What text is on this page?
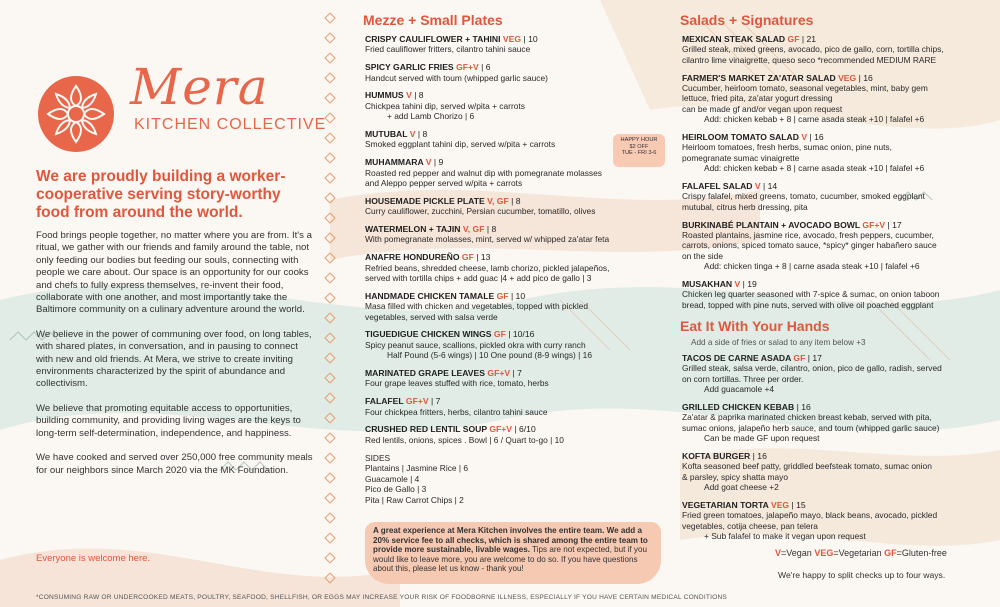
Mera
KITCHEN COLLECTIVE
We are proudly building a worker-cooperative serving story-worthy food from around the world.

Food brings people together, no matter where you are from. It's a ritual, we gather with our friends and family around the table, not only feeding our bodies but feeding our souls, connecting with people we care about. Our space is an opportunity for our cooks and chefs to fully express themselves, re-invent their food, collaborate with one another, and most importantly take the Baltimore community on a culinary adventure around the world.

We believe in the power of communing over food, on long tables, with shared plates, in conversation, and in pausing to connect with new and old friends. At Mera, we strive to create inviting environments characterized by the spirit of abundance and collectivism.

We believe that promoting equitable access to opportunities, building community, and providing living wages are the keys to long-term self-determination, independence, and happiness.

We have cooked and served over 250,000 free community meals for our neighbors since March 2020 via the MK Foundation.

Everyone is welcome here.
*CONSUMING RAW OR UNDERCOOKED MEATS, POULTRY, SEAFOOD, SHELLFISH, OR EGGS MAY INCREASE YOUR RISK OF FOODBORNE ILLNESS, ESPECIALLY IF YOU HAVE CERTAIN MEDICAL CONDITIONS
Mezze + Small Plates
CRISPY CAULIFLOWER + TAHINI VEG | 10
Fried cauliflower fritters, cilantro tahini sauce
SPICY GARLIC FRIES GF+V | 6
Handcut served with toum (whipped garlic sauce)
HUMMUS V | 8
Chickpea tahini dip, served w/pita + carrots
+ add Lamb Chorizo | 6
MUTUBAL V | 8
Smoked eggplant tahini dip, served w/pita + carrots
MUHAMMARA V | 9
Roasted red pepper and walnut dip with pomegranate molasses
and Aleppo pepper served w/pita + carrots
HOUSEMADE PICKLE PLATE V, GF | 8
Curry cauliflower, zucchini, Persian cucumber, tomatillo, olives
WATERMELON + TAJIN V, GF | 8
With pomegranate molasses, mint, served w/ whipped za'atar feta
ANAFRE HONDUREÑO GF | 13
Refried beans, shredded cheese, lamb chorizo, pickled jalapeños,
served with tortilla chips + add guac |4 + add pico de gallo | 3
HANDMADE CHICKEN TAMALE GF | 10
Masa filled with chicken and vegetables, topped with pickled
vegetables, served with salsa verde
TIGUEDIGUE CHICKEN WINGS GF | 10/16
Spicy peanut sauce, scallions, pickled okra with curry ranch
Half Pound (5-6 wings) | 10 One pound (8-9 wings) | 16
MARINATED GRAPE LEAVES GF+V | 7
Four grape leaves stuffed with rice, tomato, herbs
FALAFEL GF+V | 7
Four chickpea fritters, herbs, cilantro tahini sauce
CRUSHED RED LENTIL SOUP GF+V | 6/10
Red lentils, onions, spices . Bowl | 6 / Quart to-go | 10
SIDES
Plantains | Jasmine Rice | 6
Guacamole | 4
Pico de Gallo | 3
Pita | Raw Carrot Chips | 2
HAPPY HOUR
$2 OFF
TUE - FRI 3-6
A great experience at Mera Kitchen involves the entire team. We add a 20% service fee to all checks, which is shared among the entire team to provide more sustainable, livable wages. Tips are not expected, but if you would like to leave more, you are welcome to do so. If you have questions about this, please let us know - thank you!
Salads + Signatures
MEXICAN STEAK SALAD GF | 21
Grilled steak, mixed greens, avocado, pico de gallo, corn, tortilla chips,
cilantro lime vinaigrette, queso seco *recommended MEDIUM RARE
FARMER'S MARKET ZA'ATAR SALAD VEG | 16
Cucumber, heirloom tomato, seasonal vegetables, mint, baby gem
lettuce, fried pita, za'atar yogurt dressing
can be made gf and/or vegan upon request
Add: chicken kebab + 8 | carne asada steak +10 | falafel +6
HEIRLOOM TOMATO SALAD V | 16
Heirloom tomatoes, fresh herbs, sumac onion, pine nuts,
pomegranate sumac vinaigrette
Add: chicken kebab + 8 | carne asada steak +10 | falafel +6
FALAFEL SALAD V | 14
Crispy falafel, mixed greens, tomato, cucumber, smoked eggplant
mutubal, citrus herb dressing, pita
BURKINABÉ PLANTAIN + AVOCADO BOWL GF+V | 17
Roasted plantains, jasmine rice, avocado, fresh peppers, cucumber,
carrots, onions, spiced tomato sauce, *spicy* ginger habañero sauce
on the side
Add: chicken tinga + 8 | carne asada steak +10 | falafel +6
MUSAKHAN V | 19
Chicken leg quarter seasoned with 7-spice & sumac, on onion taboon
bread, topped with pine nuts, served with olive oil poached eggplant
Eat It With Your Hands
Add a side of fries or salad to any item below +3
TACOS DE CARNE ASADA GF | 17
Grilled steak, salsa verde, cilantro, onion, pico de gallo, radish, served
on corn tortillas. Three per order.
Add guacamole +4
GRILLED CHICKEN KEBAB | 16
Za'atar & paprika marinated chicken breast kebab, served with pita,
sumac onions, jalapeño herb sauce, and toum (whipped garlic sauce)
Can be made GF upon request
KOFTA BURGER | 16
Kofta seasoned beef patty, griddled beefsteak tomato, sumac onion
& parsley, spicy shatta mayo
Add goat cheese +2
VEGETARIAN TORTA VEG | 15
Fried green tomatoes, jalapeño mayo, black beans, avocado, pickled
vegetables, cotija cheese, pan telera
+ Sub falafel to make it vegan upon request
V=Vegan VEG=Vegetarian GF=Gluten-free
We're happy to split checks up to four ways.
